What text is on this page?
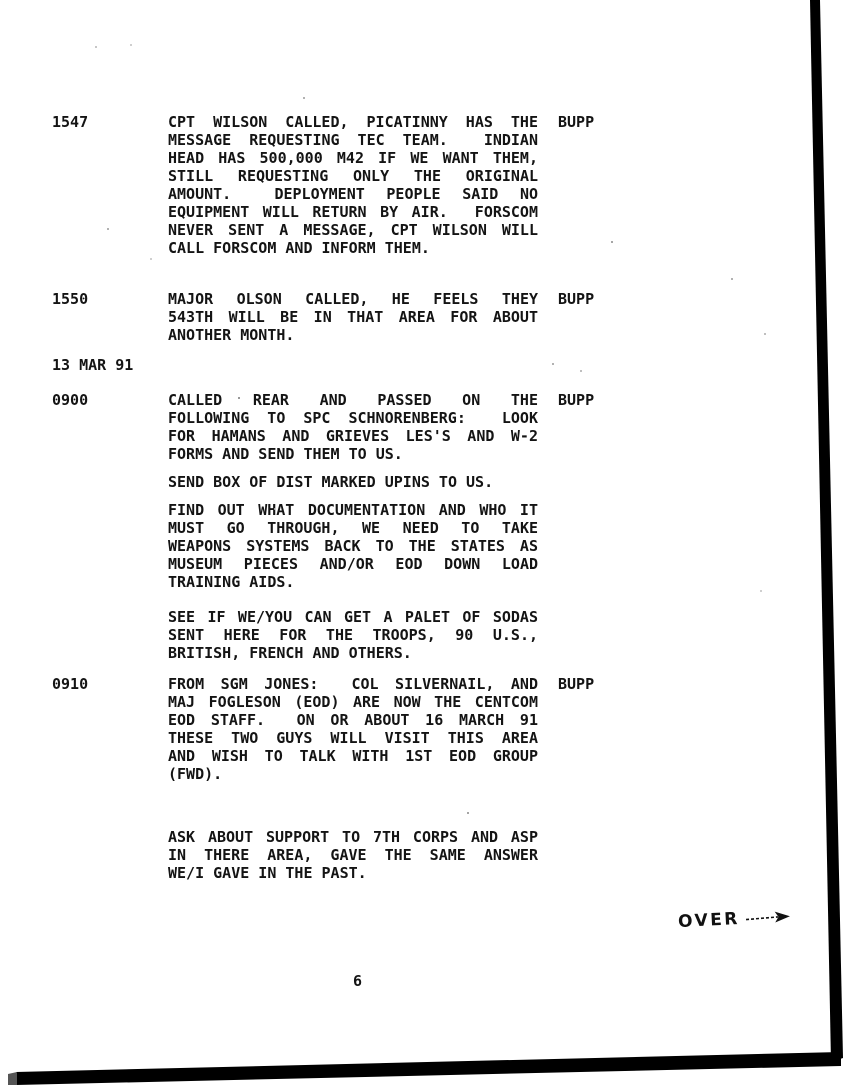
1547	CPT WILSON CALLED, PICATINNY HAS THE
MESSAGE REQUESTING TEC TEAM.  INDIAN
HEAD HAS 500,000 M42 IF WE WANT THEM,
STILL REQUESTING ONLY THE ORIGINAL
AMOUNT.  DEPLOYMENT PEOPLE SAID NO
EQUIPMENT WILL RETURN BY AIR.  FORSCOM
NEVER SENT A MESSAGE, CPT WILSON WILL
CALL FORSCOM AND INFORM THEM.
BUPP
1550	MAJOR OLSON CALLED, HE FEELS THEY
543TH WILL BE IN THAT AREA FOR ABOUT
ANOTHER MONTH.
BUPP
13 MAR 91
0900	CALLED REAR AND PASSED ON THE
FOLLOWING TO SPC SCHNORENBERG:  LOOK
FOR HAMANS AND GRIEVES LES'S AND W-2
FORMS AND SEND THEM TO US.
SEND BOX OF DIST MARKED UPINS TO US.
FIND OUT WHAT DOCUMENTATION AND WHO IT
MUST GO THROUGH, WE NEED TO TAKE
WEAPONS SYSTEMS BACK TO THE STATES AS
MUSEUM PIECES AND/OR EOD DOWN LOAD
TRAINING AIDS.
SEE IF WE/YOU CAN GET A PALET OF SODAS
SENT HERE FOR THE TROOPS, 90 U.S.,
BRITISH, FRENCH AND OTHERS.
BUPP
0910	FROM SGM JONES:  COL SILVERNAIL, AND
MAJ FOGLESON (EOD) ARE NOW THE CENTCOM
EOD STAFF.  ON OR ABOUT 16 MARCH 91
THESE TWO GUYS WILL VISIT THIS AREA
AND WISH TO TALK WITH 1ST EOD GROUP
(FWD).
BUPP
ASK ABOUT SUPPORT TO 7TH CORPS AND ASP
IN THERE AREA, GAVE THE SAME ANSWER
WE/I GAVE IN THE PAST.
OVER
6
